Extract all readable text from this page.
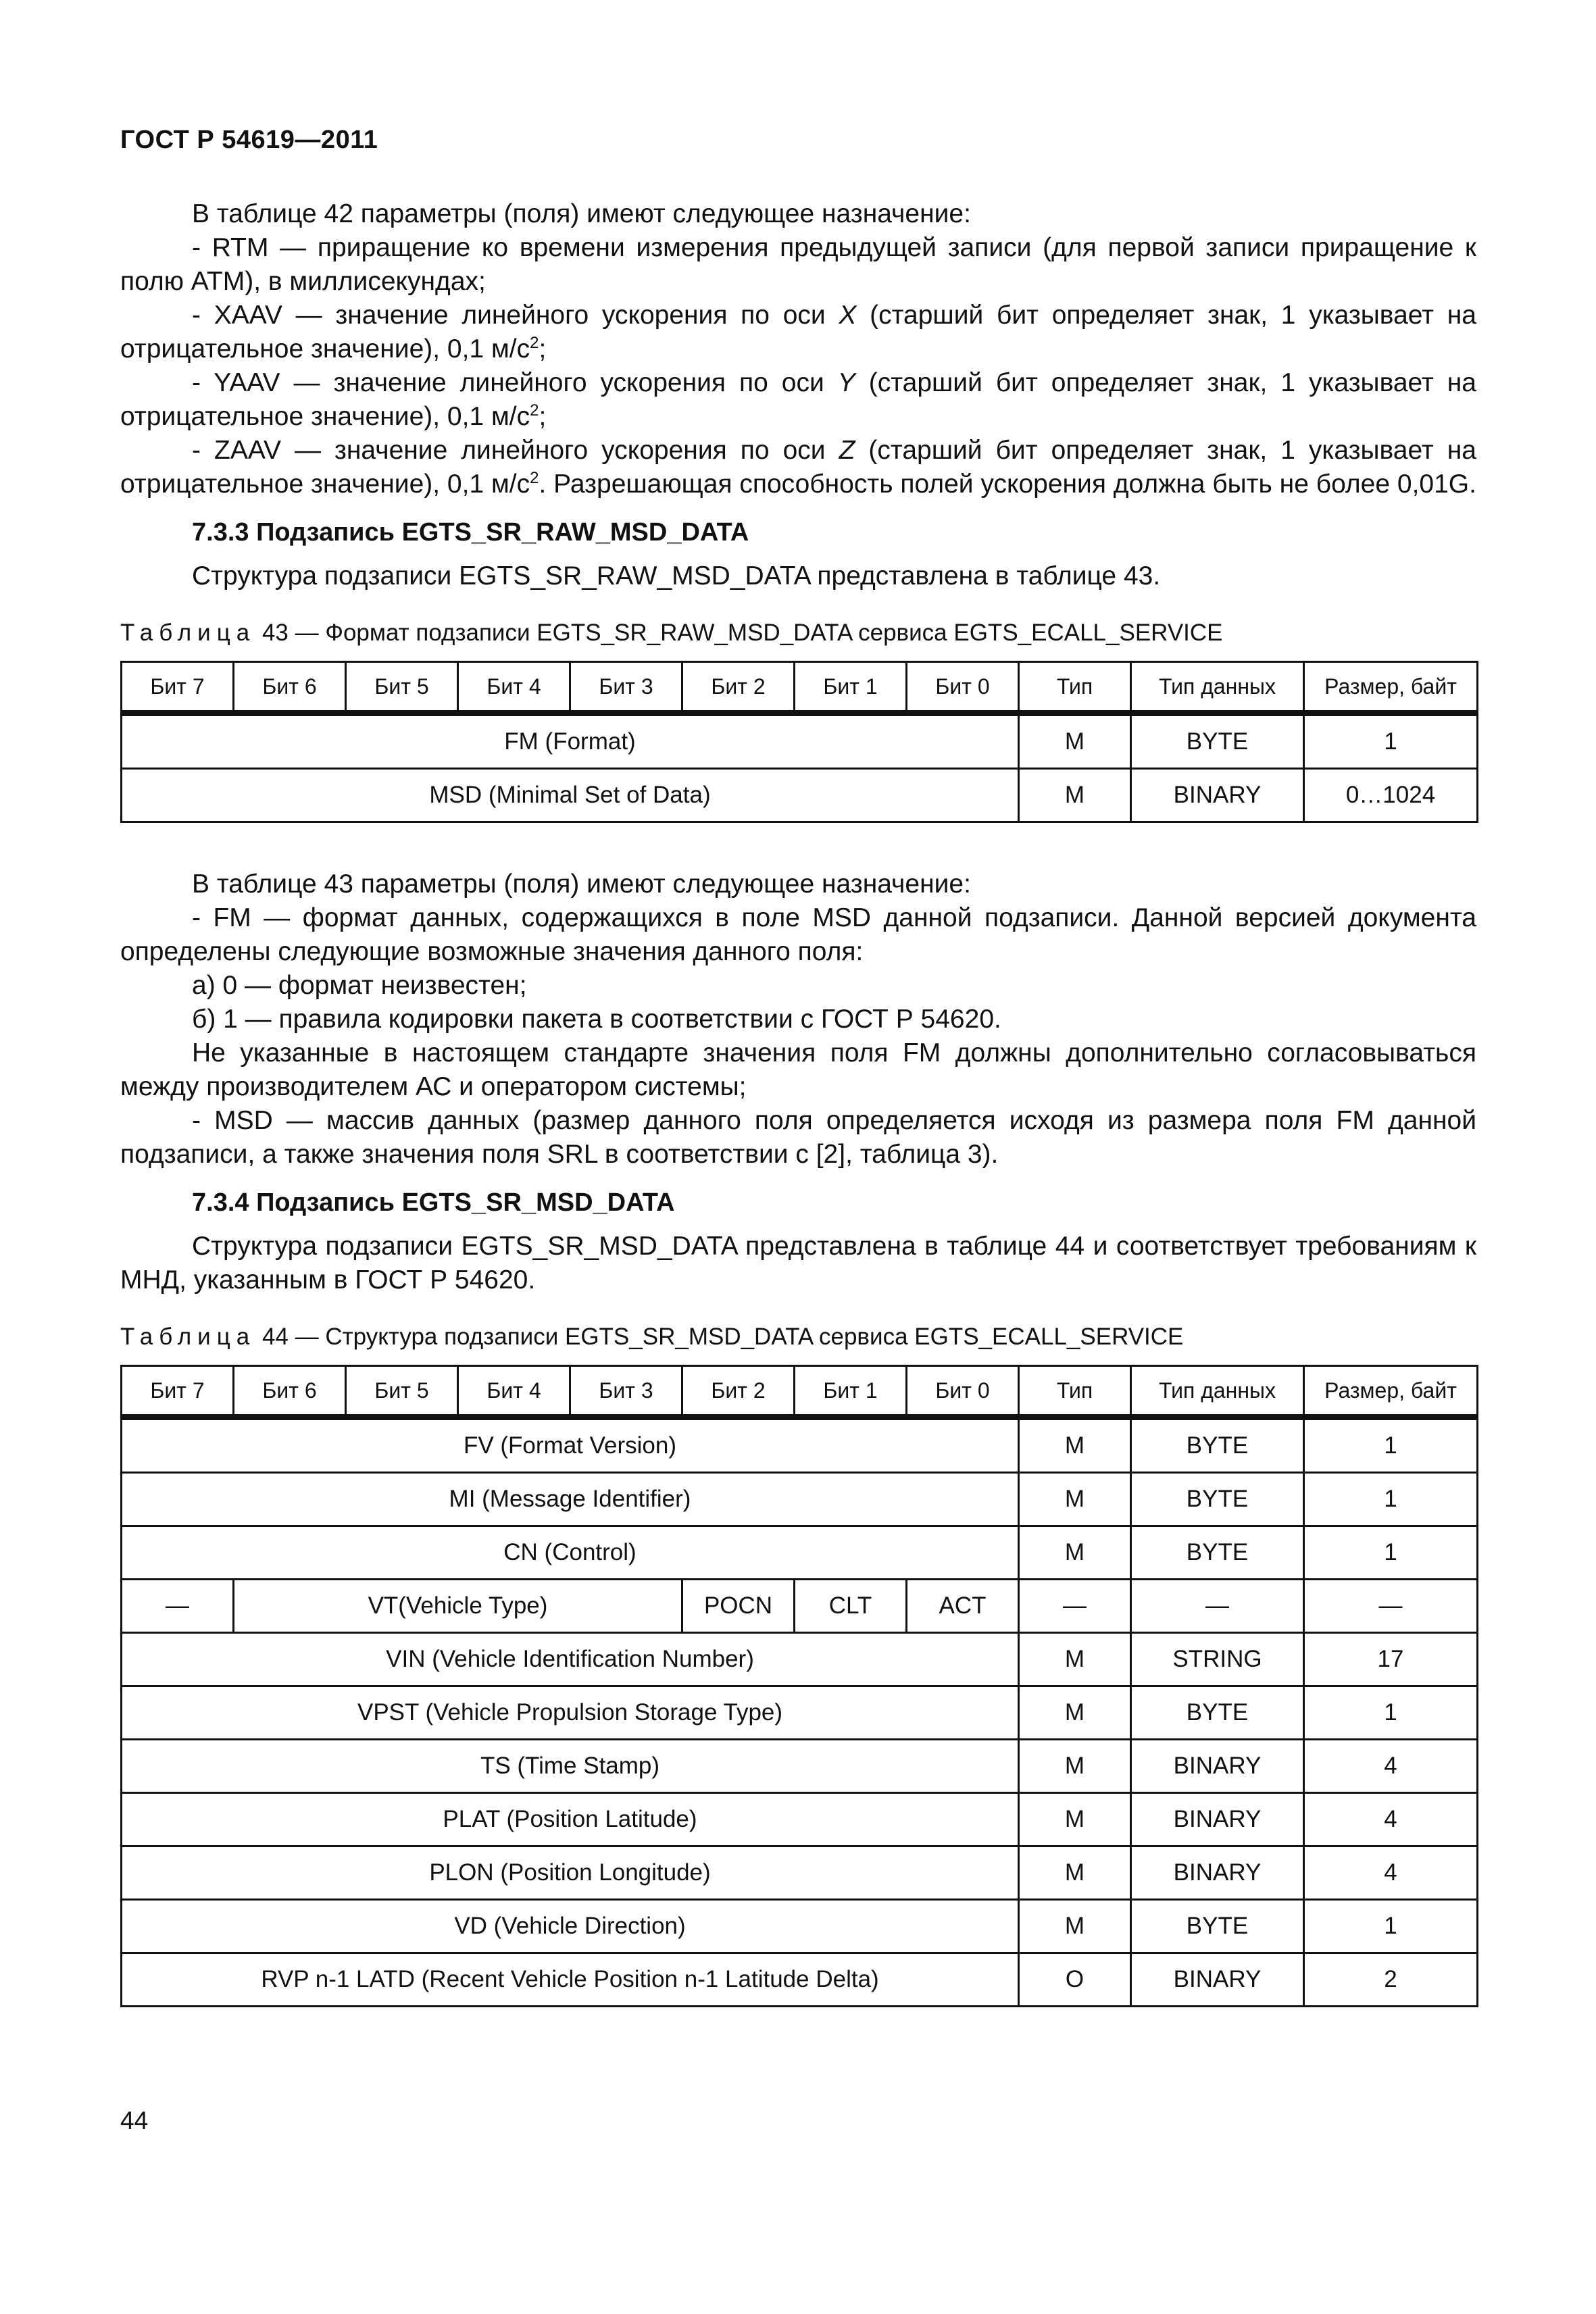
ГОСТ Р 54619—2011

В таблице 42 параметры (поля) имеют следующее назначение:

- RTM — приращение ко времени измерения предыдущей записи (для первой записи приращение к полю ATM), в миллисекундах;

- XAAV — значение линейного ускорения по оси X (старший бит определяет знак, 1 указывает на отрицательное значение), 0,1 $м/с^2$;

- YAAV — значение линейного ускорения по оси Y (старший бит определяет знак, 1 указывает на отрицательное значение), 0,1 $м/с^2$;

- ZAAV — значение линейного ускорения по оси Z (старший бит определяет знак, 1 указывает на отрицательное значение), 0,1 $м/с^2$. Разрешающая способность полей ускорения должна быть не более 0,01G.

7.3.3 Подзапись EGTS_SR_RAW_MSD_DATA

Структура подзаписи EGTS_SR_RAW_MSD_DATA представлена в таблице 43.

Таблица 43 — Формат подзаписи EGTS_SR_RAW_MSD_DATA сервиса EGTS_ECALL_SERVICE

Бит 7	Бит 6	Бит 5	Бит 4	Бит 3	Бит 2	Бит 1	Бит 0	Тип	Тип данных	Размер, байт
FM (Format)								M	BYTE	1
MSD (Minimal Set of Data)								M	BINARY	0…1024

В таблице 43 параметры (поля) имеют следующее назначение:

- FM — формат данных, содержащихся в поле MSD данной подзаписи. Данной версией документа определены следующие возможные значения данного поля:

а) 0 — формат неизвестен;

б) 1 — правила кодировки пакета в соответствии с ГОСТ Р 54620.

Не указанные в настоящем стандарте значения поля FM должны дополнительно согласовываться между производителем АС и оператором системы;

- MSD — массив данных (размер данного поля определяется исходя из размера поля FM данной подзаписи, а также значения поля SRL в соответствии с [2], таблица 3).

7.3.4 Подзапись EGTS_SR_MSD_DATA

Структура подзаписи EGTS_SR_MSD_DATA представлена в таблице 44 и соответствует требованиям к МНД, указанным в ГОСТ Р 54620.

Таблица 44 — Структура подзаписи EGTS_SR_MSD_DATA сервиса EGTS_ECALL_SERVICE

Бит 7	Бит 6	Бит 5	Бит 4	Бит 3	Бит 2	Бит 1	Бит 0	Тип	Тип данных	Размер, байт
FV (Format Version)								M	BYTE	1
MI (Message Identifier)								M	BYTE	1
CN (Control)								M	BYTE	1
—	VT(Vehicle Type)				POCN	CLT	ACT	—	—	—
VIN (Vehicle Identification Number)								M	STRING	17
VPST (Vehicle Propulsion Storage Type)								M	BYTE	1
TS (Time Stamp)								M	BINARY	4
PLAT (Position Latitude)								M	BINARY	4
PLON (Position Longitude)								M	BINARY	4
VD (Vehicle Direction)								M	BYTE	1
RVP n-1 LATD (Recent Vehicle Position n-1 Latitude Delta)								O	BINARY	2
44
